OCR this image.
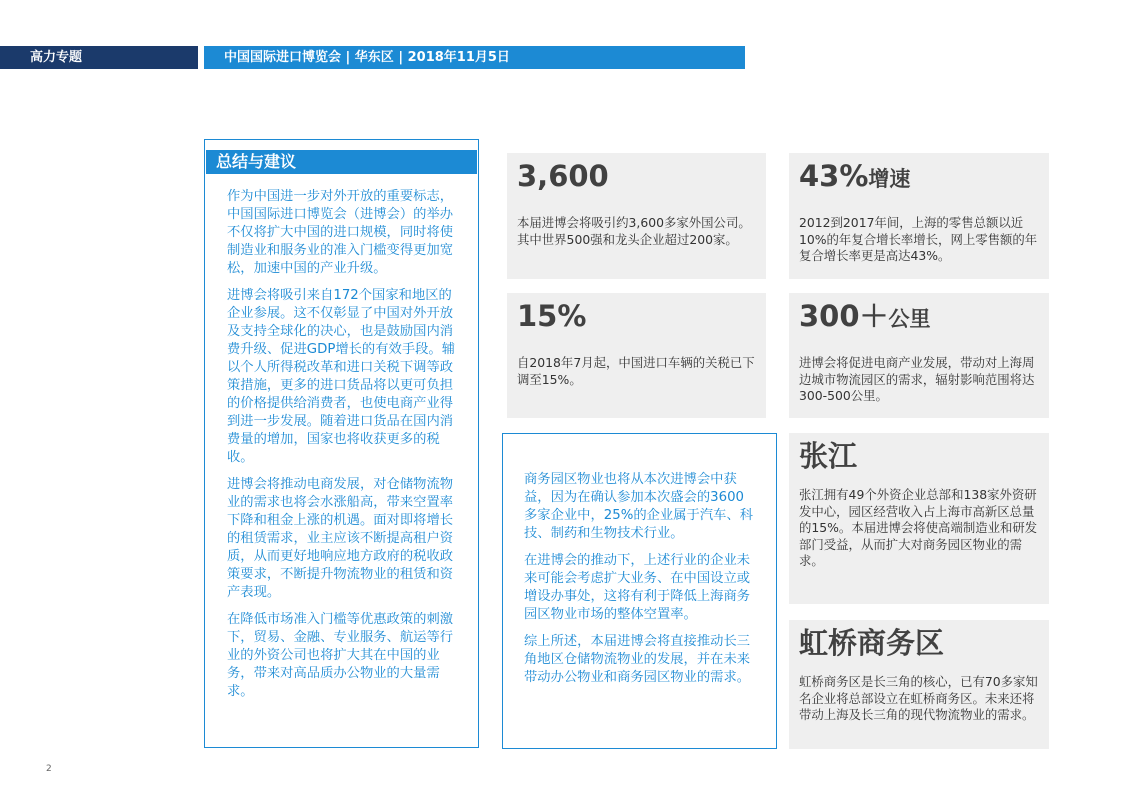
高力专题	中国国际进口博览会 | 华东区 | 2018年11月5日
总结与建议

作为中国进一步对外开放的重要标志，中国国际进口博览会（进博会）的举办不仅将扩大中国的进口规模，同时将使制造业和服务业的准入门槛变得更加宽松，加速中国的产业升级。

进博会将吸引来自172个国家和地区的企业参展。这不仅彰显了中国对外开放及支持全球化的决心，也是鼓励国内消费升级、促进GDP增长的有效手段。辅以个人所得税改革和进口关税下调等政策措施，更多的进口货品将以更可负担的价格提供给消费者，也使电商产业得到进一步发展。随着进口货品在国内消费量的增加，国家也将收获更多的税收。

进博会将推动电商发展，对仓储物流物业的需求也将会水涨船高，带来空置率下降和租金上涨的机遇。面对即将增长的租赁需求，业主应该不断提高租户资质，从而更好地响应地方政府的税收政策要求，不断提升物流物业的租赁和资产表现。

在降低市场准入门槛等优惠政策的刺激下，贸易、金融、专业服务、航运等行业的外资公司也将扩大其在中国的业务，带来对高品质办公物业的大量需求。

商务园区物业也将从本次进博会中获益，因为在确认参加本次盛会的3600多家企业中，25%的企业属于汽车、科技、制药和生物技术行业。

在进博会的推动下，上述行业的企业未来可能会考虑扩大业务、在中国设立或增设办事处，这将有利于降低上海商务园区物业市场的整体空置率。

综上所述，本届进博会将直接推动长三角地区仓储物流物业的发展，并在未来带动办公物业和商务园区物业的需求。

3,600
本届进博会将吸引约3,600多家外国公司。其中世界500强和龙头企业超过200家。
43%增速
2012到2017年间，上海的零售总额以近10%的年复合增长率增长，网上零售额的年复合增长率更是高达43%。
15%
自2018年7月起，中国进口车辆的关税已下调至15%。
300＋公里
进博会将促进电商产业发展，带动对上海周边城市物流园区的需求，辐射影响范围将达300-500公里。
张江
张江拥有49个外资企业总部和138家外资研发中心，园区经营收入占上海市高新区总量的15%。本届进博会将使高端制造业和研发部门受益，从而扩大对商务园区物业的需求。
虹桥商务区
虹桥商务区是长三角的核心，已有70多家知名企业将总部设立在虹桥商务区。未来还将带动上海及长三角的现代物流物业的需求。
2
